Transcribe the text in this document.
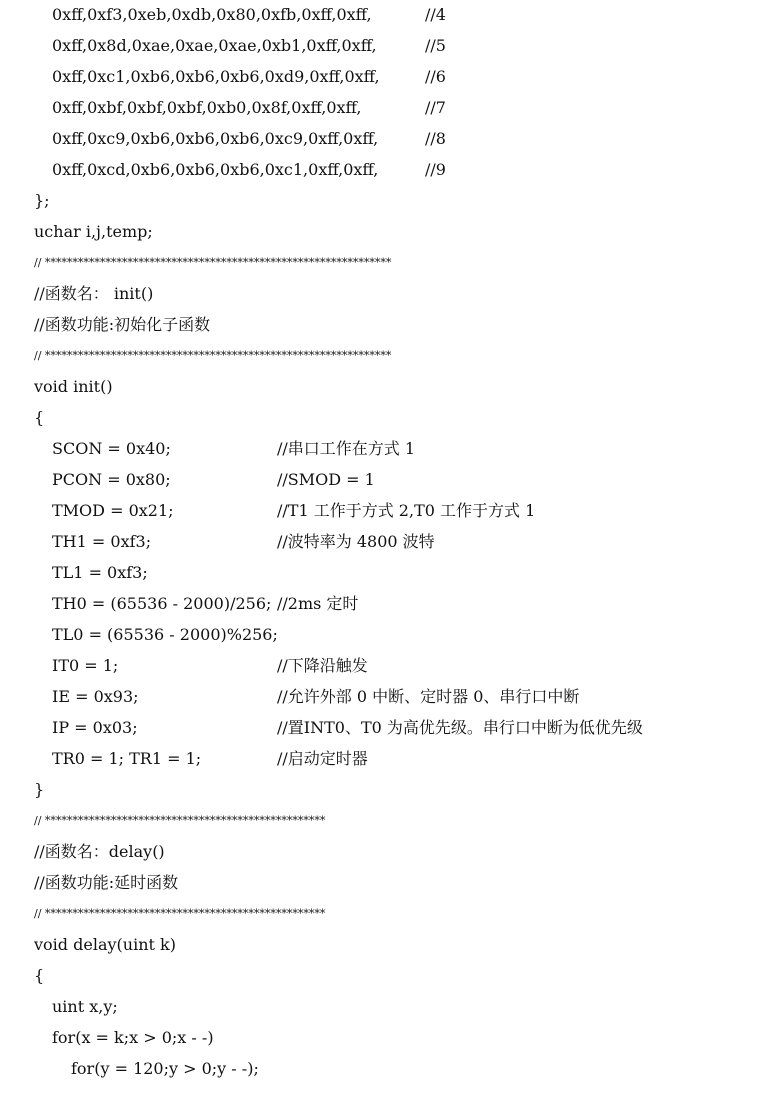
0xff,0xf3,0xeb,0xdb,0x80,0xfb,0xff,0xff,	//4
0xff,0x8d,0xae,0xae,0xae,0xb1,0xff,0xff,	//5
0xff,0xc1,0xb6,0xb6,0xb6,0xd9,0xff,0xff,	//6
0xff,0xbf,0xbf,0xbf,0xb0,0x8f,0xff,0xff,	//7
0xff,0xc9,0xb6,0xb6,0xb6,0xc9,0xff,0xff,	//8
0xff,0xcd,0xb6,0xb6,0xb6,0xc1,0xff,0xff,	//9
};
uchar i,j,temp;
// ***************************************************************
//函数名： init()
//函数功能:初始化子函数
// ***************************************************************
void init()
{
SCON = 0x40;	//串口工作在方式 1
PCON = 0x80;	//SMOD = 1
TMOD = 0x21;	//T1 工作于方式 2,T0 工作于方式 1
TH1 = 0xf3;	//波特率为 4800 波特
TL1 = 0xf3;
TH0 = (65536 - 2000)/256; //2ms 定时
TL0 = (65536 - 2000)%256;
IT0 = 1;	//下降沿触发
IE = 0x93;	//允许外部 0 中断、定时器 0、串行口中断
IP = 0x03;	//置INT0、T0 为高优先级。串行口中断为低优先级
TR0 = 1; TR1 = 1;	//启动定时器
}
// ***************************************************
//函数名：delay()
//函数功能:延时函数
// ***************************************************
void delay(uint k)
{
uint x,y;
for(x = k;x > 0;x - -)
for(y = 120;y > 0;y - -);
